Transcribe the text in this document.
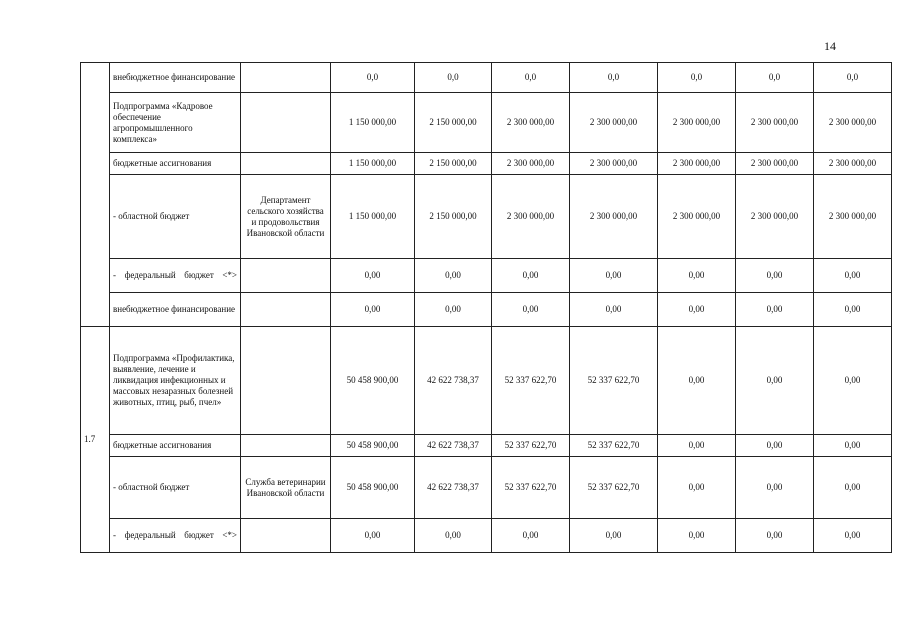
14
	внебюджетное финансирование		0,0	0,0	0,0	0,0	0,0	0,0	0,0
	Подпрограмма «Кадровое обеспечение агропромышленного комплекса»		1 150 000,00	2 150 000,00	2 300 000,00	2 300 000,00	2 300 000,00	2 300 000,00	2 300 000,00
	бюджетные ассигнования		1 150 000,00	2 150 000,00	2 300 000,00	2 300 000,00	2 300 000,00	2 300 000,00	2 300 000,00
	- областной бюджет	Департамент сельского хозяйства и продовольствия Ивановской области	1 150 000,00	2 150 000,00	2 300 000,00	2 300 000,00	2 300 000,00	2 300 000,00	2 300 000,00
	- федеральный бюджет <*>		0,00	0,00	0,00	0,00	0,00	0,00	0,00
	внебюджетное финансирование		0,00	0,00	0,00	0,00	0,00	0,00	0,00
1.7	Подпрограмма «Профилактика, выявление, лечение и ликвидация инфекционных и массовых незаразных болезней животных, птиц, рыб, пчел»		50 458 900,00	42 622 738,37	52 337 622,70	52 337 622,70	0,00	0,00	0,00
	бюджетные ассигнования		50 458 900,00	42 622 738,37	52 337 622,70	52 337 622,70	0,00	0,00	0,00
	- областной бюджет	Служба ветеринарии Ивановской области	50 458 900,00	42 622 738,37	52 337 622,70	52 337 622,70	0,00	0,00	0,00
	- федеральный бюджет <*>		0,00	0,00	0,00	0,00	0,00	0,00	0,00
